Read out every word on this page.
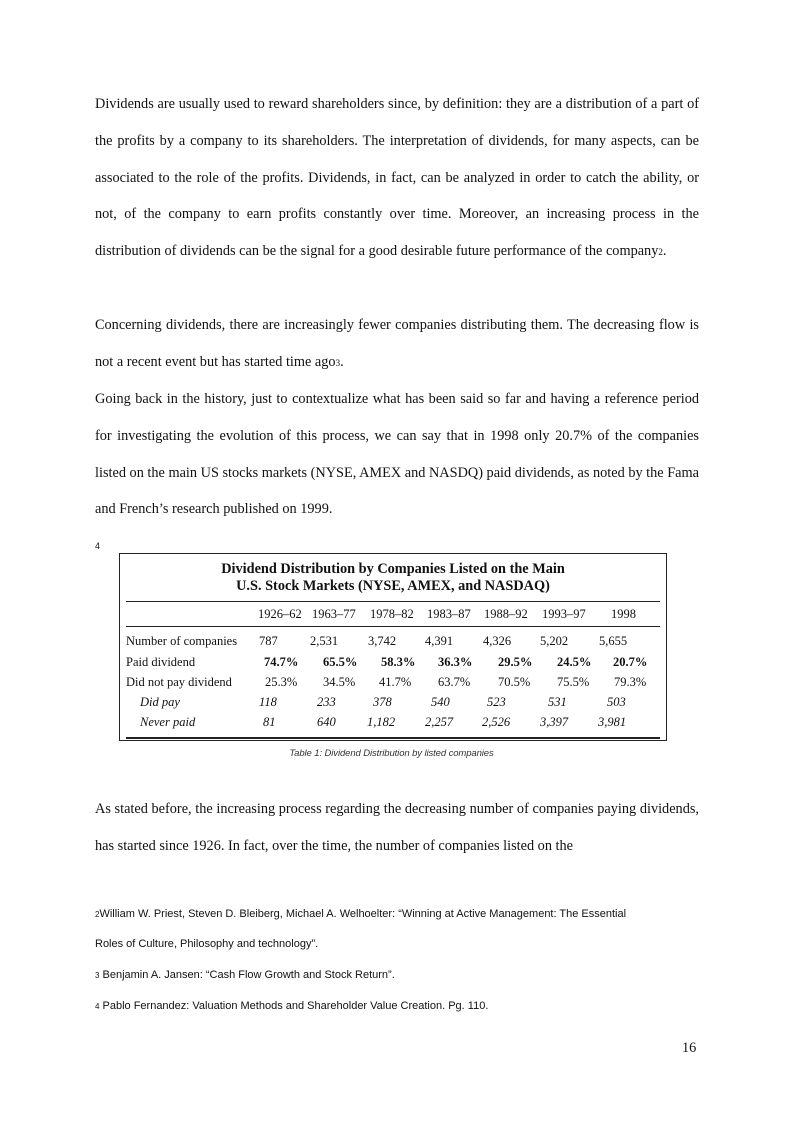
Dividends are usually used to reward shareholders since, by definition: they are a distribution of a part of the profits by a company to its shareholders. The interpretation of dividends, for many aspects, can be associated to the role of the profits. Dividends, in fact, can be analyzed in order to catch the ability, or not, of the company to earn profits constantly over time. Moreover, an increasing process in the distribution of dividends can be the signal for a good desirable future performance of the company2.

Concerning dividends, there are increasingly fewer companies distributing them. The decreasing flow is not a recent event but has started time ago3.

Going back in the history, just to contextualize what has been said so far and having a reference period for investigating the evolution of this process, we can say that in 1998 only 20.7% of the companies listed on the main US stocks markets (NYSE, AMEX and NASDQ) paid dividends, as noted by the Fama and French’s research published on 1999.

4
Dividend Distribution by Companies Listed on the Main
U.S. Stock Markets (NYSE, AMEX, and NASDAQ)
1926–62 1963–77 1978–82 1983–87 1988–92 1993–97 1998
Number of companies 787	2,531 3,742 4,391 4,326 5,202 5,655
Paid dividend	74.7% 65.5% 58.3% 36.3% 29.5% 24.5% 20.7%
Did not pay dividend	25.3% 34.5% 41.7% 63.7% 70.5% 75.5% 79.3%
Did pay	118	233	378	540	523	531	503
Never paid	81	640	1,182 2,257 2,526 3,397 3,981
Table 1: Dividend Distribution by listed companies

As stated before, the increasing process regarding the decreasing number of companies paying dividends, has started since 1926. In fact, over the time, the number of companies listed on the

2William W. Priest, Steven D. Bleiberg, Michael A. Welhoelter: “Winning at Active Management: The Essential
Roles of Culture, Philosophy and technology”.
3 Benjamin A. Jansen: “Cash Flow Growth and Stock Return”.
4 Pablo Fernandez: Valuation Methods and Shareholder Value Creation. Pg. 110.
16
